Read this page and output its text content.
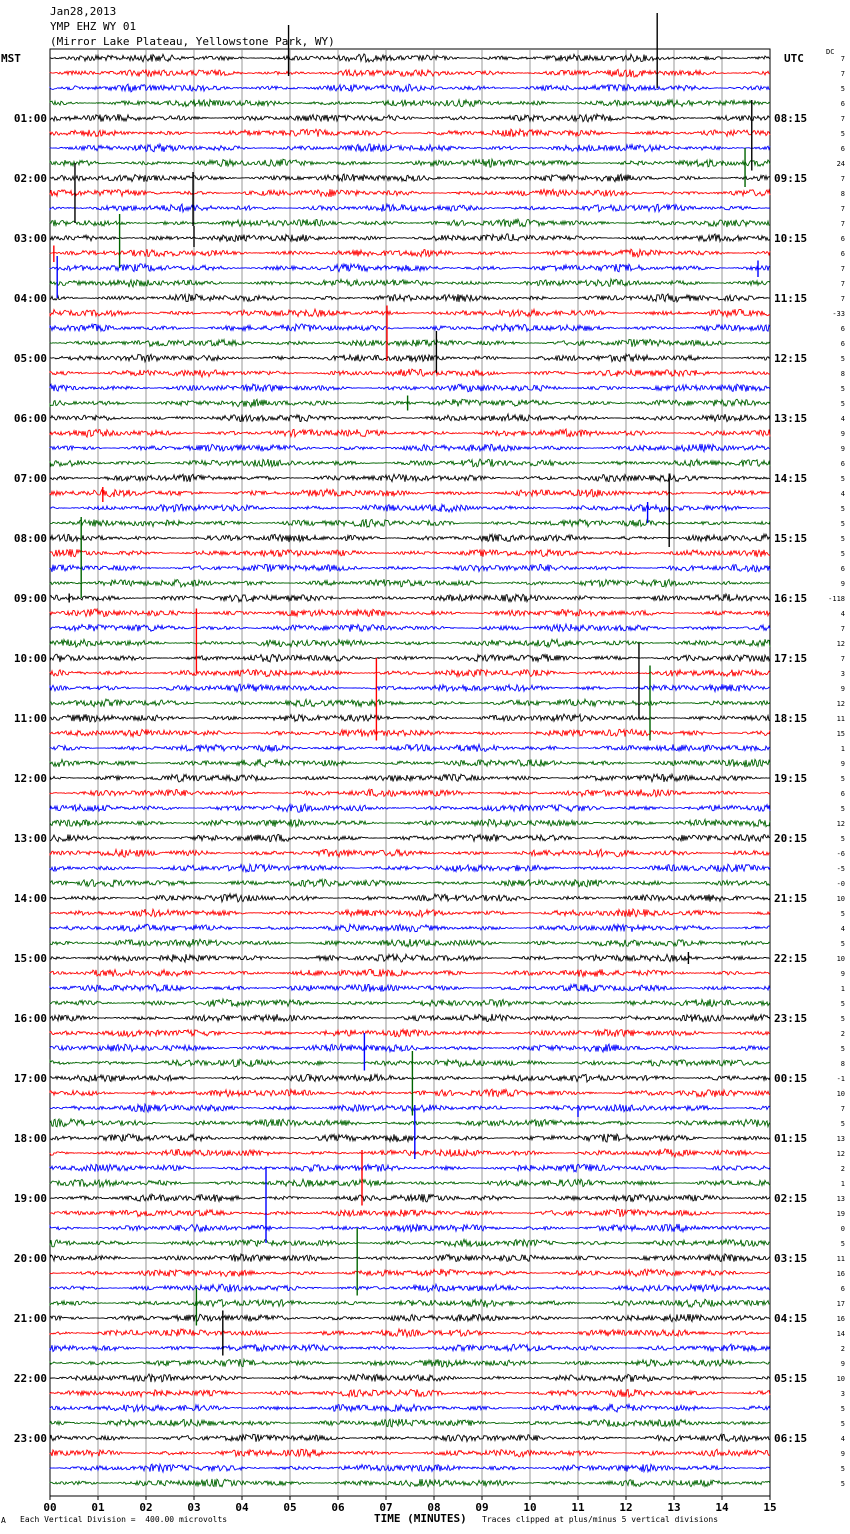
Jan28,2013
YMP EHZ WY 01
(Mirror Lake Plateau, Yellowstone Park, WY)
MST	UTC	DC
01:00
02:00
03:00
04:00
05:00
06:00
07:00
08:00
09:00
10:00
11:00
12:00
13:00
14:00
15:00
16:00
17:00
18:00
19:00
20:00
21:00
22:00
23:00
08:15
09:15
10:15
11:15
12:15
13:15
14:15
15:15
16:15
17:15
18:15
19:15
20:15
21:15
22:15
23:15
00:15
01:15
02:15
03:15
04:15
05:15
06:15
7
7
5
6
7
5
6
24
7
8
7
7
6
6
7
7
7
-33
6
6
5
8
5
5
4
9
9
6
5
4
5
5
5
5
6
9
-118
4
7
12
7
3
9
12
11
15
1
9
5
6
5
12
5
-6
-5
-0
10
5
4
5
10
9
1
5
5
2
5
8
-1
10
7
5
13
12
2
1
13
19
0
5
11
16
6
17
16
14
2
9
10
3
5
5
4
9
5
5
00	01	02	03	04	05	06	07	08	09	10	11	12	13	14	15
TIME (MINUTES)
A Each Vertical Division =  400.00 microvolts	Traces clipped at plus/minus 5 vertical divisions
